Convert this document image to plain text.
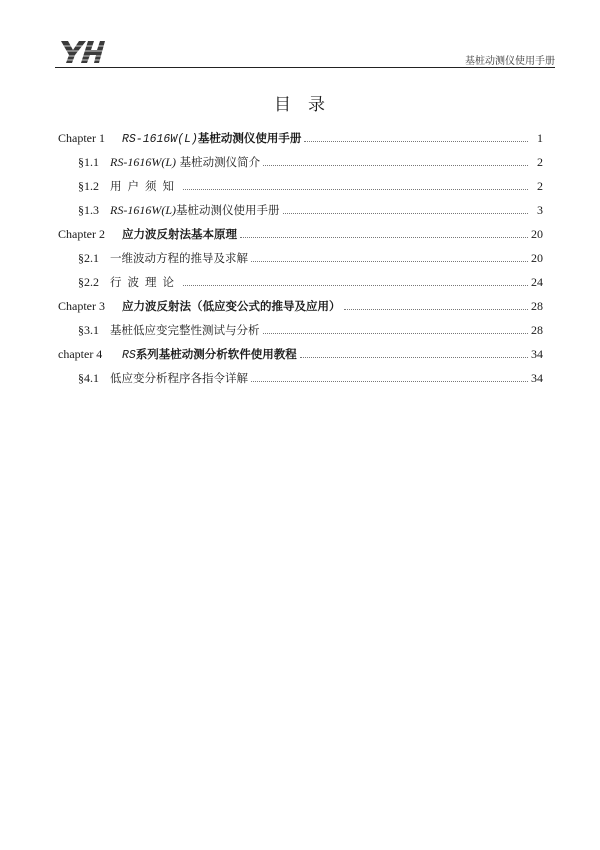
基桩动测仪使用手册
目 录
Chapter 1	RS-1616W(L)基桩动测仪使用手册	1
§1.1 RS-1616W(L) 基桩动测仪简介	2
§1.2 用户须知	2
§1.3 RS-1616W(L)基桩动测仪使用手册	3
Chapter 2	应力波反射法基本原理	20
§2.1 一维波动方程的推导及求解	20
§2.2 行波理论	24
Chapter 3	应力波反射法（低应变公式的推导及应用）	28
§3.1 基桩低应变完整性测试与分析	28
chapter 4	RS系列基桩动测分析软件使用教程	34
§4.1 低应变分析程序各指令详解	34
